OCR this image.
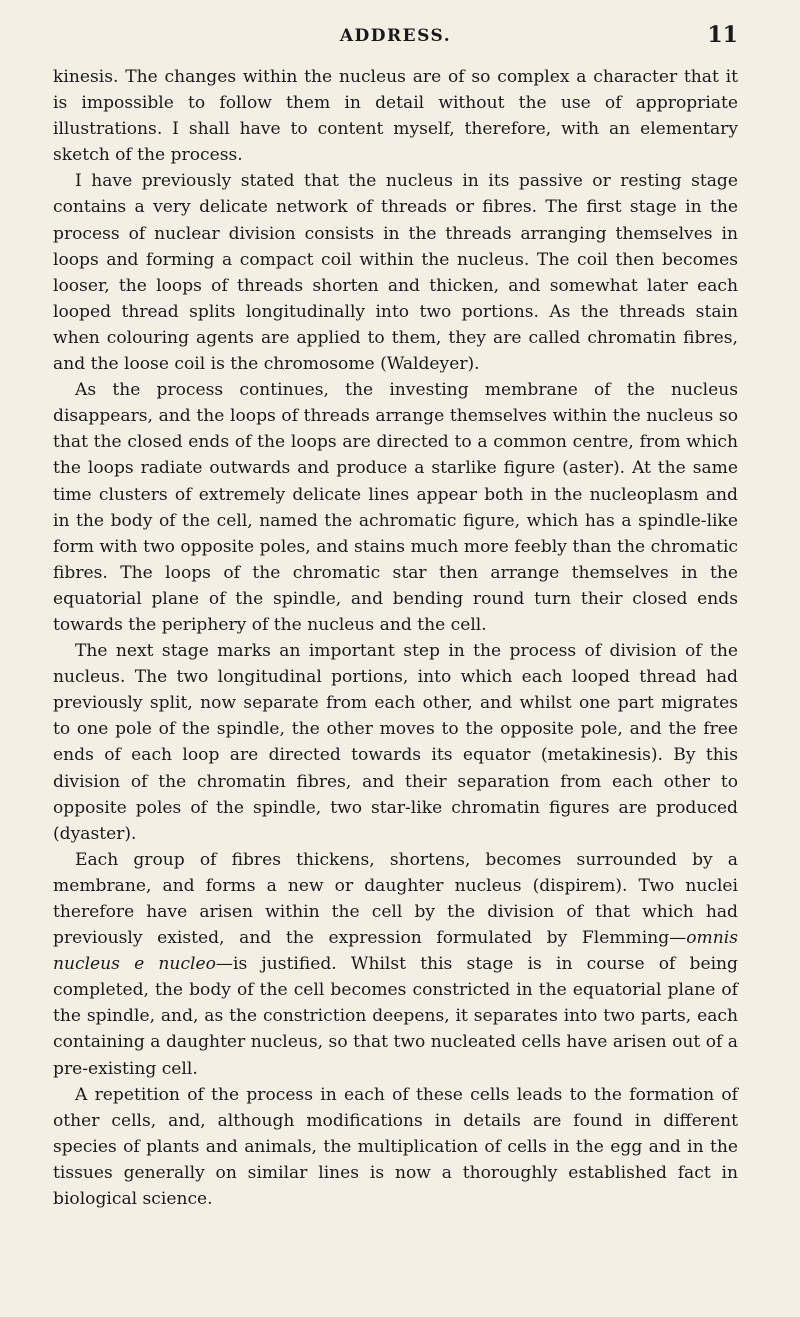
ADDRESS.	11

kinesis. The changes within the nucleus are of so complex a character that it is impossible to follow them in detail without the use of appropriate illustrations. I shall have to content myself, therefore, with an elementary sketch of the process.

I have previously stated that the nucleus in its passive or resting stage contains a very delicate network of threads or fibres. The first stage in the process of nuclear division consists in the threads arranging themselves in loops and forming a compact coil within the nucleus. The coil then becomes looser, the loops of threads shorten and thicken, and somewhat later each looped thread splits longitudinally into two portions. As the threads stain when colouring agents are applied to them, they are called chromatin fibres, and the loose coil is the chromosome (Waldeyer).

As the process continues, the investing membrane of the nucleus disappears, and the loops of threads arrange themselves within the nucleus so that the closed ends of the loops are directed to a common centre, from which the loops radiate outwards and produce a starlike figure (aster). At the same time clusters of extremely delicate lines appear both in the nucleoplasm and in the body of the cell, named the achromatic figure, which has a spindle-like form with two opposite poles, and stains much more feebly than the chromatic fibres. The loops of the chromatic star then arrange themselves in the equatorial plane of the spindle, and bending round turn their closed ends towards the periphery of the nucleus and the cell.

The next stage marks an important step in the process of division of the nucleus. The two longitudinal portions, into which each looped thread had previously split, now separate from each other, and whilst one part migrates to one pole of the spindle, the other moves to the opposite pole, and the free ends of each loop are directed towards its equator (metakinesis). By this division of the chromatin fibres, and their separation from each other to opposite poles of the spindle, two star-like chromatin figures are produced (dyaster).

Each group of fibres thickens, shortens, becomes surrounded by a membrane, and forms a new or daughter nucleus (dispirem). Two nuclei therefore have arisen within the cell by the division of that which had previously existed, and the expression formulated by Flemming—omnis nucleus e nucleo—is justified. Whilst this stage is in course of being completed, the body of the cell becomes constricted in the equatorial plane of the spindle, and, as the constriction deepens, it separates into two parts, each containing a daughter nucleus, so that two nucleated cells have arisen out of a pre-existing cell.

A repetition of the process in each of these cells leads to the formation of other cells, and, although modifications in details are found in different species of plants and animals, the multiplication of cells in the egg and in the tissues generally on similar lines is now a thoroughly established fact in biological science.
